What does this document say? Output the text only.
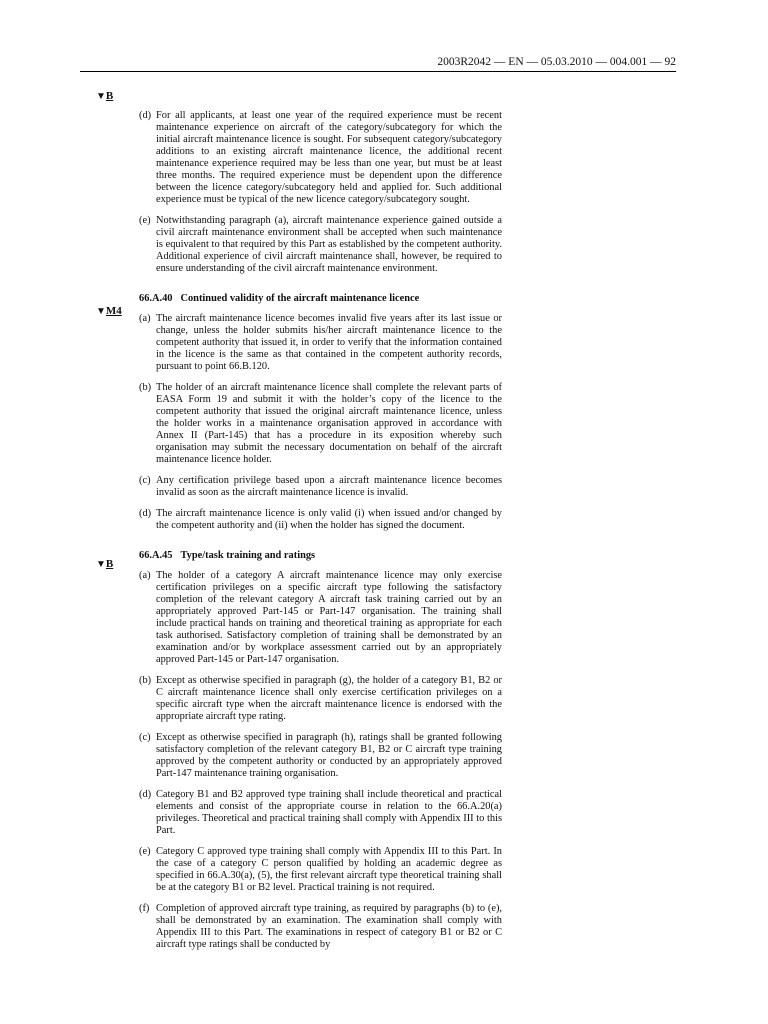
2003R2042 — EN — 05.03.2010 — 004.001 — 92
▼B
▼M4
▼B
(d) For all applicants, at least one year of the required experience must be recent maintenance experience on aircraft of the category/subcategory for which the initial aircraft maintenance licence is sought. For subsequent category/subcategory additions to an existing aircraft maintenance licence, the additional recent maintenance experience required may be less than one year, but must be at least three months. The required experience must be dependent upon the difference between the licence category/subcategory held and applied for. Such additional experience must be typical of the new licence category/subcategory sought.
(e) Notwithstanding paragraph (a), aircraft maintenance experience gained outside a civil aircraft maintenance environment shall be accepted when such maintenance is equivalent to that required by this Part as established by the competent authority. Additional experience of civil aircraft maintenance shall, however, be required to ensure understanding of the civil aircraft maintenance environment.
66.A.40 Continued validity of the aircraft maintenance licence
(a) The aircraft maintenance licence becomes invalid five years after its last issue or change, unless the holder submits his/her aircraft maintenance licence to the competent authority that issued it, in order to verify that the information contained in the licence is the same as that contained in the competent authority records, pursuant to point 66.B.120.
(b) The holder of an aircraft maintenance licence shall complete the relevant parts of EASA Form 19 and submit it with the holder’s copy of the licence to the competent authority that issued the original aircraft maintenance licence, unless the holder works in a maintenance organisation approved in accordance with Annex II (Part-145) that has a procedure in its exposition whereby such organisation may submit the necessary documentation on behalf of the aircraft maintenance licence holder.
(c) Any certification privilege based upon a aircraft maintenance licence becomes invalid as soon as the aircraft maintenance licence is invalid.
(d) The aircraft maintenance licence is only valid (i) when issued and/or changed by the competent authority and (ii) when the holder has signed the document.
66.A.45 Type/task training and ratings
(a) The holder of a category A aircraft maintenance licence may only exercise certification privileges on a specific aircraft type following the satisfactory completion of the relevant category A aircraft task training carried out by an appropriately approved Part-145 or Part-147 organisation. The training shall include practical hands on training and theoretical training as appropriate for each task authorised. Satisfactory completion of training shall be demonstrated by an examination and/or by workplace assessment carried out by an appropriately approved Part-145 or Part-147 organisation.
(b) Except as otherwise specified in paragraph (g), the holder of a category B1, B2 or C aircraft maintenance licence shall only exercise certification privileges on a specific aircraft type when the aircraft maintenance licence is endorsed with the appropriate aircraft type rating.
(c) Except as otherwise specified in paragraph (h), ratings shall be granted following satisfactory completion of the relevant category B1, B2 or C aircraft type training approved by the competent authority or conducted by an appropriately approved Part-147 maintenance training organisation.
(d) Category B1 and B2 approved type training shall include theoretical and practical elements and consist of the appropriate course in relation to the 66.A.20(a) privileges. Theoretical and practical training shall comply with Appendix III to this Part.
(e) Category C approved type training shall comply with Appendix III to this Part. In the case of a category C person qualified by holding an academic degree as specified in 66.A.30(a), (5), the first relevant aircraft type theoretical training shall be at the category B1 or B2 level. Practical training is not required.
(f) Completion of approved aircraft type training, as required by paragraphs (b) to (e), shall be demonstrated by an examination. The examination shall comply with Appendix III to this Part. The examinations in respect of category B1 or B2 or C aircraft type ratings shall be conducted by
